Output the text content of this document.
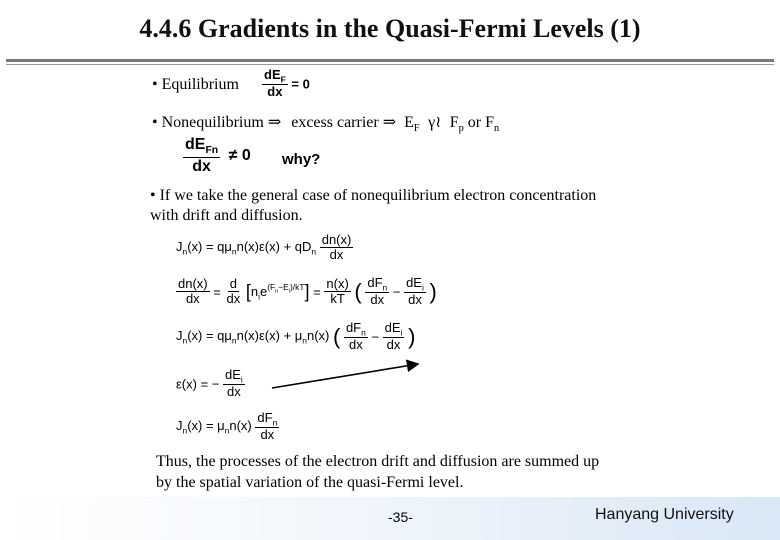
4.4.6 Gradients in the Quasi-Fermi Levels (1)
• Equilibrium $\frac{dE_F}{dx} = 0$
• Nonequilibrium ⇒ excess carrier ⇒ $E_F$ γ≀ $F_p$ or $F_n$
$\frac{dE_{Fn}}{dx} \ne 0$ why?
• If we take the general case of nonequilibrium electron concentration
with drift and diffusion.
$J_n(x) = q\mu_nn(x)\varepsilon(x) + qD_n \frac{dn(x)}{dx}$
$\frac{dn(x)}{dx} = \frac{d}{dx} [n_ie^{(F_n-E_i)/kT}] = \frac{n(x)}{kT}$ ( $\frac{dF_n}{dx} - \frac{dE_i}{dx}$ )
$J_n(x) = q\mu_nn(x)\varepsilon(x) + \mu_nn(x)$ ( $\frac{dF_n}{dx} - \frac{dE_i}{dx}$ )
ε(x) = − $\frac{dE_i}{dx}$
$J_n(x) = \mu_nn(x) \frac{dF_n}{dx}$
Thus, the processes of the electron drift and diffusion are summed up
by the spatial variation of the quasi-Fermi level.
-35-	Hanyang University
